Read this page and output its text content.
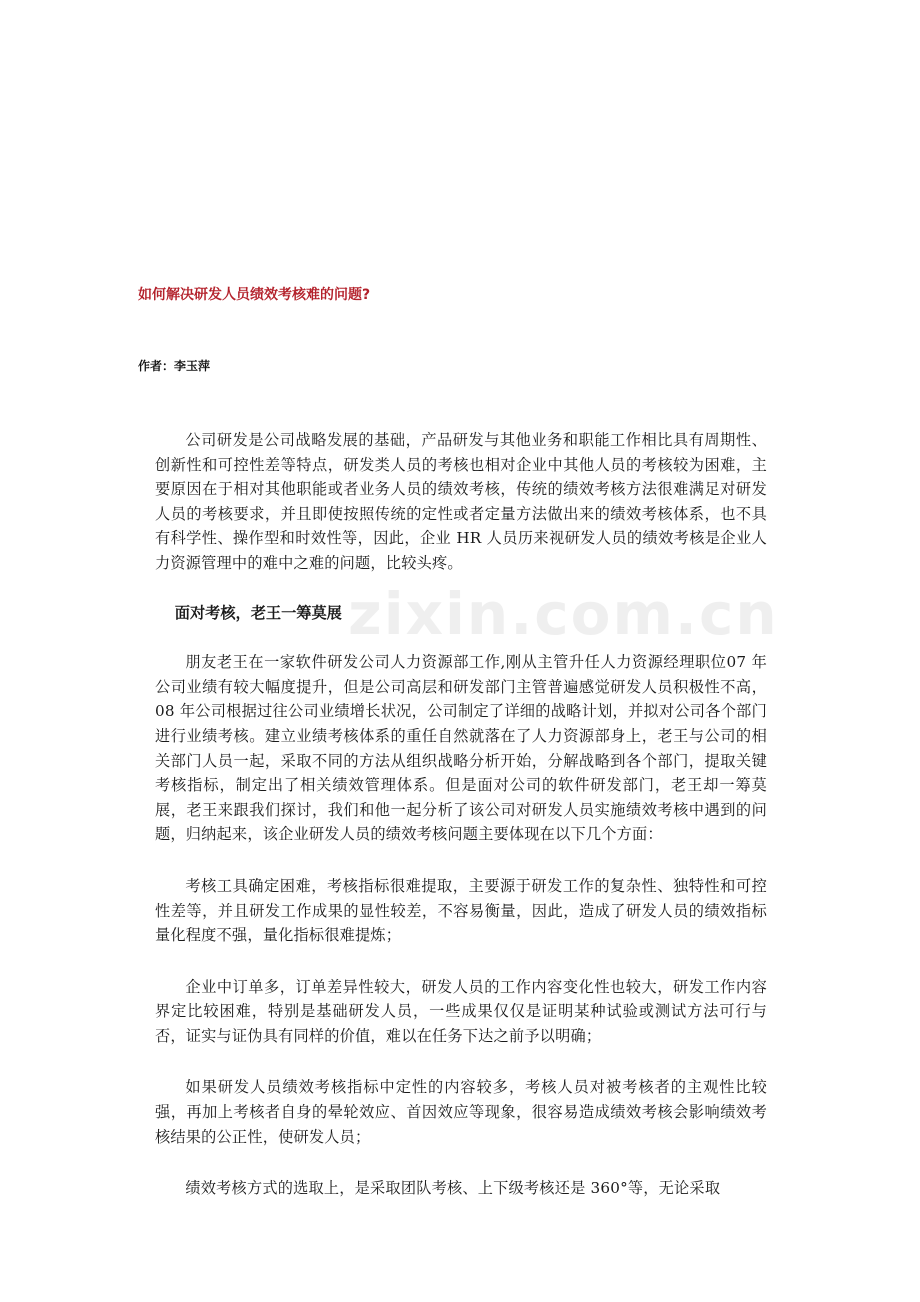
如何解决研发人员绩效考核难的问题?

作者：李玉萍

zixin.com.cn

公司研发是公司战略发展的基础，产品研发与其他业务和职能工作相比具有周期性、创新性和可控性差等特点，研发类人员的考核也相对企业中其他人员的考核较为困难，主要原因在于相对其他职能或者业务人员的绩效考核，传统的绩效考核方法很难满足对研发人员的考核要求，并且即使按照传统的定性或者定量方法做出来的绩效考核体系，也不具有科学性、操作型和时效性等，因此，企业 HR 人员历来视研发人员的绩效考核是企业人力资源管理中的难中之难的问题，比较头疼。

面对考核，老王一筹莫展

朋友老王在一家软件研发公司人力资源部工作,刚从主管升任人力资源经理职位07 年公司业绩有较大幅度提升，但是公司高层和研发部门主管普遍感觉研发人员积极性不高，08 年公司根据过往公司业绩增长状况，公司制定了详细的战略计划，并拟对公司各个部门进行业绩考核。建立业绩考核体系的重任自然就落在了人力资源部身上，老王与公司的相关部门人员一起，采取不同的方法从组织战略分析开始，分解战略到各个部门，提取关键考核指标，制定出了相关绩效管理体系。但是面对公司的软件研发部门，老王却一筹莫展，老王来跟我们探讨，我们和他一起分析了该公司对研发人员实施绩效考核中遇到的问题，归纳起来，该企业研发人员的绩效考核问题主要体现在以下几个方面：

考核工具确定困难，考核指标很难提取，主要源于研发工作的复杂性、独特性和可控性差等，并且研发工作成果的显性较差，不容易衡量，因此，造成了研发人员的绩效指标量化程度不强，量化指标很难提炼；

企业中订单多，订单差异性较大，研发人员的工作内容变化性也较大，研发工作内容界定比较困难，特别是基础研发人员，一些成果仅仅是证明某种试验或测试方法可行与否，证实与证伪具有同样的价值，难以在任务下达之前予以明确；

如果研发人员绩效考核指标中定性的内容较多，考核人员对被考核者的主观性比较强，再加上考核者自身的晕轮效应、首因效应等现象，很容易造成绩效考核会影响绩效考核结果的公正性，使研发人员；

绩效考核方式的选取上，是采取团队考核、上下级考核还是 360°等，无论采取
